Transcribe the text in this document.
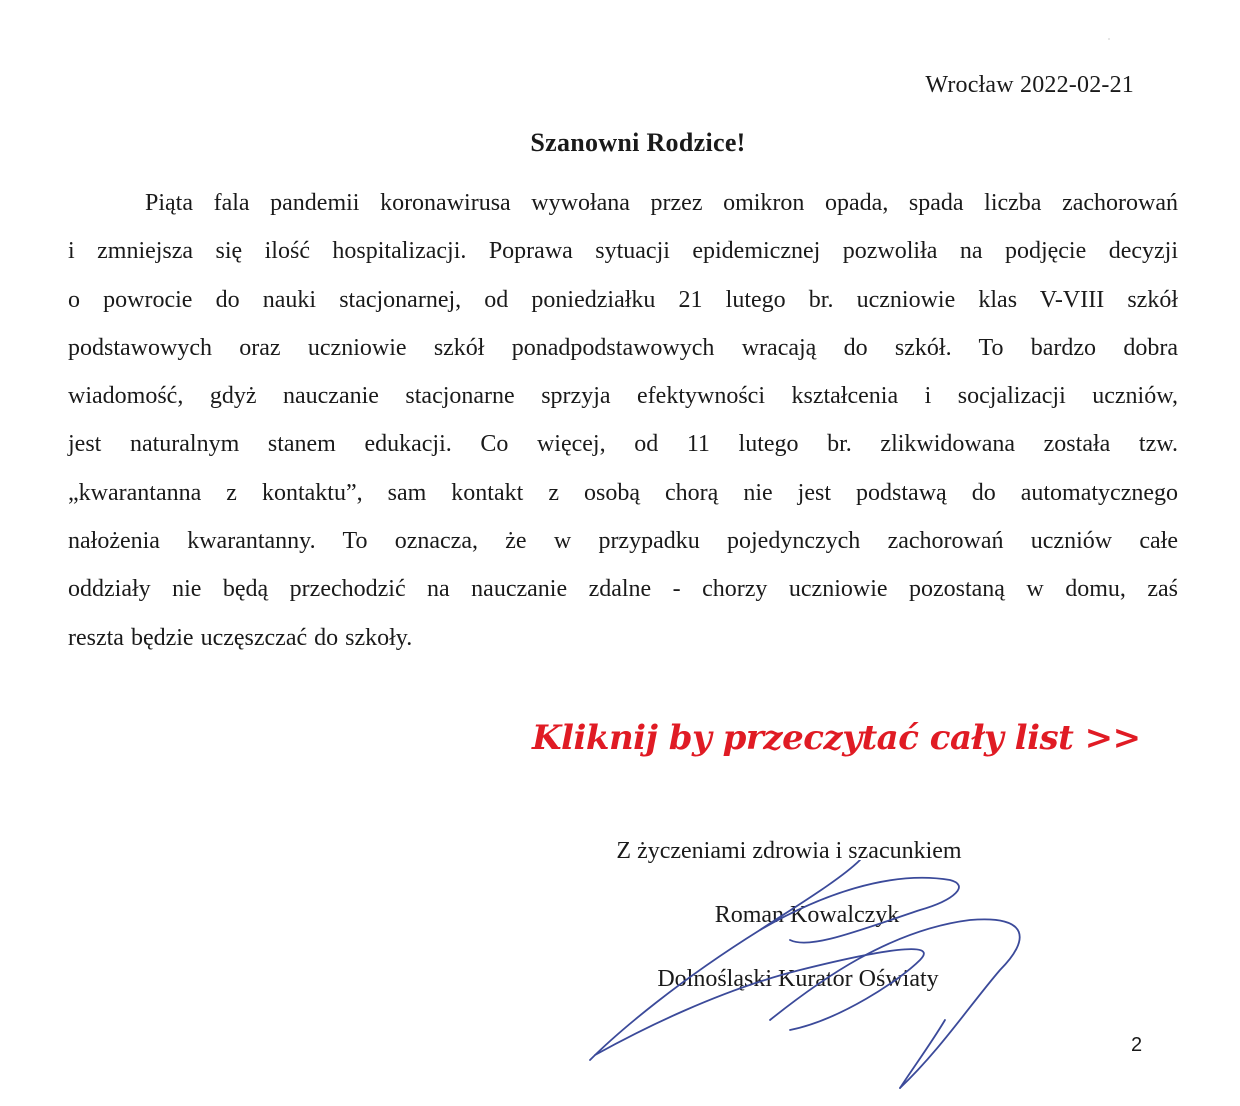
Wrocław 2022-02-21
Szanowni Rodzice!
Piąta fala pandemii koronawirusa wywołana przez omikron opada, spada liczba zachorowań
i zmniejsza się ilość hospitalizacji. Poprawa sytuacji epidemicznej pozwoliła na podjęcie decyzji
o powrocie do nauki stacjonarnej, od poniedziałku 21 lutego br. uczniowie klas V-VIII szkół
podstawowych oraz uczniowie szkół ponadpodstawowych wracają do szkół. To bardzo dobra
wiadomość, gdyż nauczanie stacjonarne sprzyja efektywności kształcenia i socjalizacji uczniów,
jest naturalnym stanem edukacji. Co więcej, od 11 lutego br. zlikwidowana została tzw.
„kwarantanna z kontaktu”, sam kontakt z osobą chorą nie jest podstawą do automatycznego
nałożenia kwarantanny. To oznacza, że w przypadku pojedynczych zachorowań uczniów całe
oddziały nie będą przechodzić na nauczanie zdalne - chorzy uczniowie pozostaną w domu, zaś
reszta będzie uczęszczać do szkoły.
Kliknij by przeczytać cały list >>
Z życzeniami zdrowia i szacunkiem
Roman Kowalczyk
Dolnośląski Kurator Oświaty
2
